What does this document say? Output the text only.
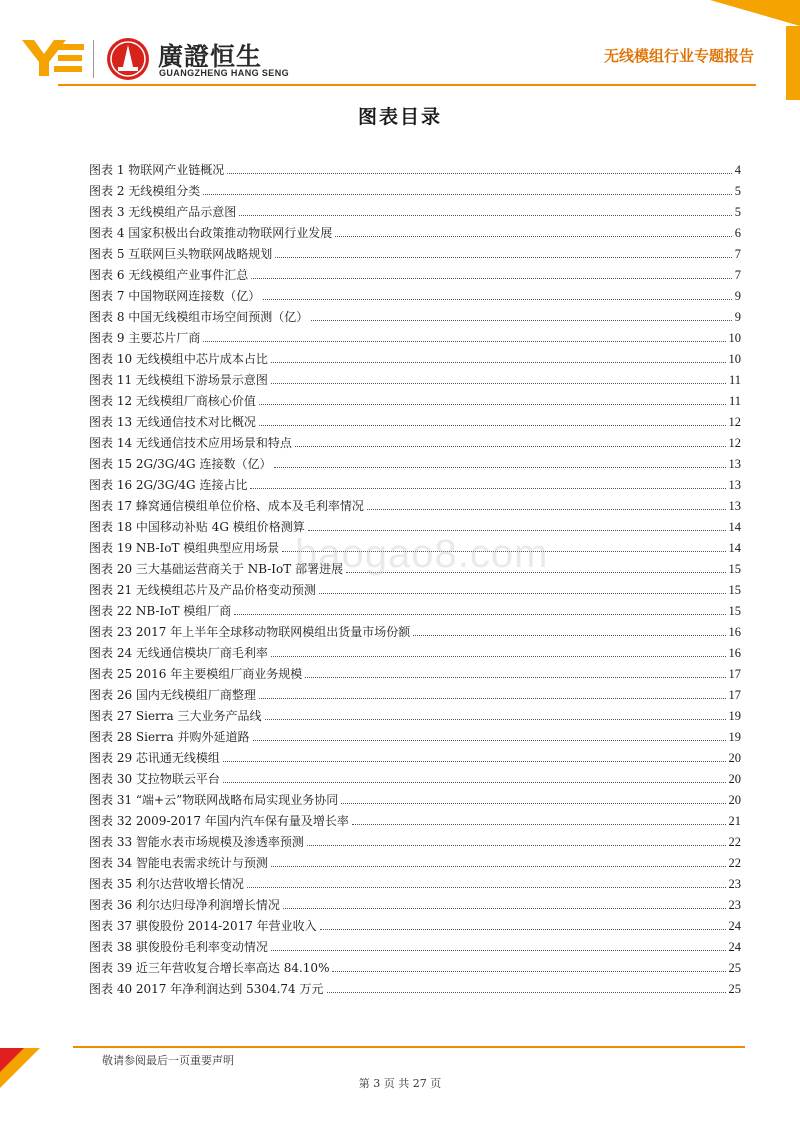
廣證恒生
GUANGZHENG HANG SENG
无线模组行业专题报告
图表目录
图表 1 物联网产业链概况	4
图表 2 无线模组分类	5
图表 3 无线模组产品示意图	5
图表 4 国家积极出台政策推动物联网行业发展	6
图表 5 互联网巨头物联网战略规划	7
图表 6 无线模组产业事件汇总	7
图表 7 中国物联网连接数（亿）	9
图表 8 中国无线模组市场空间预测（亿）	9
图表 9 主要芯片厂商	10
图表 10 无线模组中芯片成本占比	10
图表 11 无线模组下游场景示意图	11
图表 12 无线模组厂商核心价值	11
图表 13 无线通信技术对比概况	12
图表 14 无线通信技术应用场景和特点	12
图表 15 2G/3G/4G 连接数（亿）	13
图表 16 2G/3G/4G 连接占比	13
图表 17 蜂窝通信模组单位价格、成本及毛利率情况	13
图表 18 中国移动补贴 4G 模组价格测算	14
图表 19 NB-IoT 模组典型应用场景	14
图表 20 三大基础运营商关于 NB-IoT 部署进展	15
图表 21 无线模组芯片及产品价格变动预测	15
图表 22 NB-IoT 模组厂商	15
图表 23 2017 年上半年全球移动物联网模组出货量市场份额	16
图表 24 无线通信模块厂商毛利率	16
图表 25 2016 年主要模组厂商业务规模	17
图表 26 国内无线模组厂商整理	17
图表 27 Sierra 三大业务产品线	19
图表 28 Sierra 并购外延道路	19
图表 29 芯讯通无线模组	20
图表 30 艾拉物联云平台	20
图表 31 “端+云”物联网战略布局实现业务协同	20
图表 32 2009-2017 年国内汽车保有量及增长率	21
图表 33 智能水表市场规模及渗透率预测	22
图表 34 智能电表需求统计与预测	22
图表 35 利尔达营收增长情况	23
图表 36 利尔达归母净利润增长情况	23
图表 37 骐俊股份 2014-2017 年营业收入	24
图表 38 骐俊股份毛利率变动情况	24
图表 39 近三年营收复合增长率高达 84.10%	25
图表 40 2017 年净利润达到 5304.74 万元	25
baogao8.com
敬请参阅最后一页重要声明
第 3 页 共 27 页
